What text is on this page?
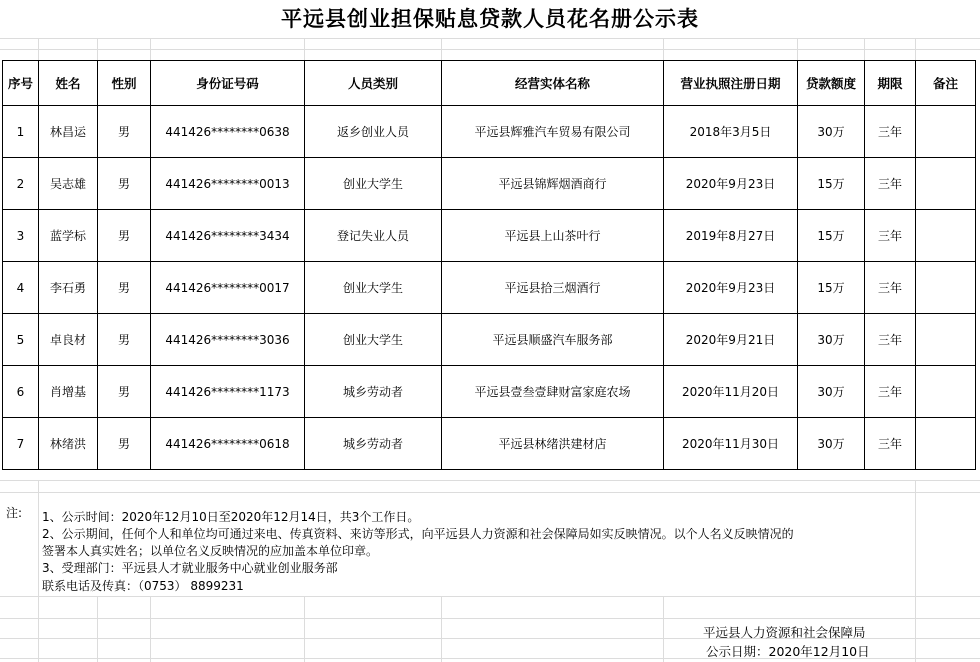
平远县创业担保贴息贷款人员花名册公示表
序号	姓名	性别	身份证号码	人员类别	经营实体名称	营业执照注册日期	贷款额度	期限	备注
1	林昌运	男	441426********0638	返乡创业人员	平远县辉雅汽车贸易有限公司	2018年3月5日	30万	三年	
2	吴志雄	男	441426********0013	创业大学生	平远县锦辉烟酒商行	2020年9月23日	15万	三年	
3	蓝学标	男	441426********3434	登记失业人员	平远县上山茶叶行	2019年8月27日	15万	三年	
4	李石勇	男	441426********0017	创业大学生	平远县拾三烟酒行	2020年9月23日	15万	三年	
5	卓良材	男	441426********3036	创业大学生	平远县顺盛汽车服务部	2020年9月21日	30万	三年	
6	肖增基	男	441426********1173	城乡劳动者	平远县壹叁壹肆财富家庭农场	2020年11月20日	30万	三年	
7	林绪洪	男	441426********0618	城乡劳动者	平远县林绪洪建材店	2020年11月30日	30万	三年	
注: 1、公示时间：2020年12月10日至2020年12月14日，共3个工作日。
2、公示期间，任何个人和单位均可通过来电、传真资料、来访等形式，向平远县人力资源和社会保障局如实反映情况。以个人名义反映情况的
签署本人真实姓名；以单位名义反映情况的应加盖本单位印章。
3、受理部门：平远县人才就业服务中心就业创业服务部
联系电话及传真：（0753） 8899231
平远县人力资源和社会保障局
公示日期：2020年12月10日
